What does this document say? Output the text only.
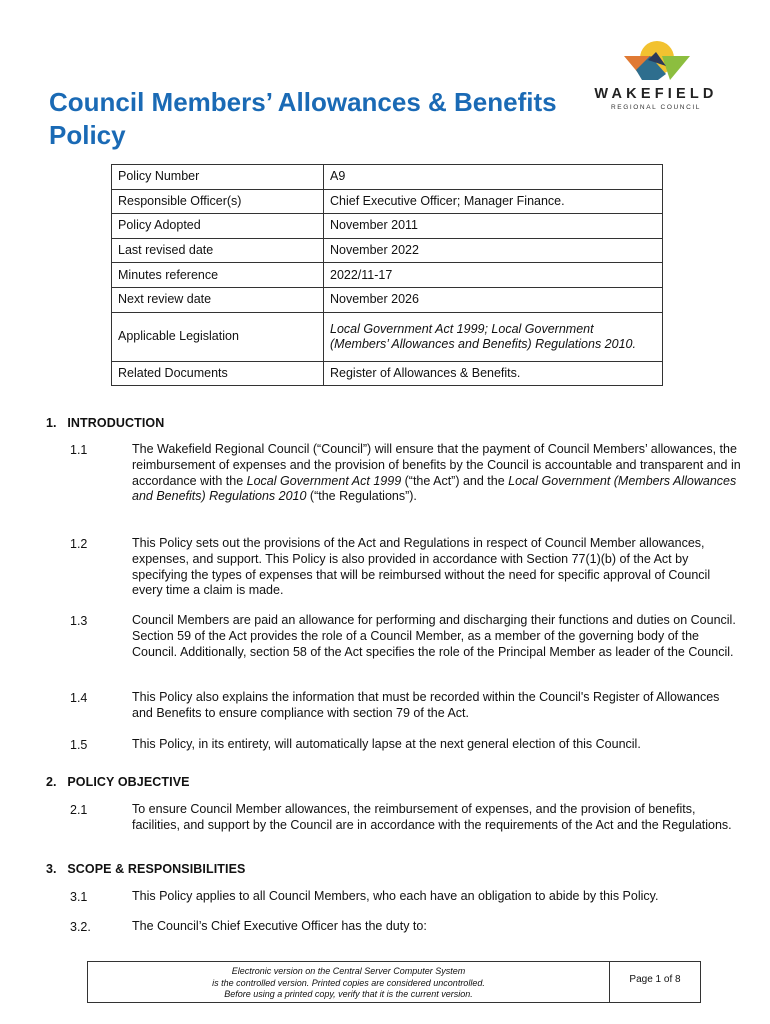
WAKEFIELD
REGIONAL COUNCIL
Council Members’ Allowances & Benefits Policy
Policy Number	A9
Responsible Officer(s)	Chief Executive Officer; Manager Finance.
Policy Adopted	November 2011
Last revised date	November 2022
Minutes reference	2022/11-17
Next review date	November 2026
Applicable Legislation	Local Government Act 1999; Local Government (Members’ Allowances and Benefits) Regulations 2010.
Related Documents	Register of Allowances & Benefits.
1.   INTRODUCTION
1.1	The Wakefield Regional Council (“Council”) will ensure that the payment of Council Members’ allowances, the reimbursement of expenses and the provision of benefits by the Council is accountable and transparent and in accordance with the Local Government Act 1999 (“the Act”) and the Local Government (Members Allowances and Benefits) Regulations 2010 (“the Regulations”).
1.2	This Policy sets out the provisions of the Act and Regulations in respect of Council Member allowances, expenses, and support. This Policy is also provided in accordance with Section 77(1)(b) of the Act by specifying the types of expenses that will be reimbursed without the need for specific approval of Council every time a claim is made.
1.3	Council Members are paid an allowance for performing and discharging their functions and duties on Council. Section 59 of the Act provides the role of a Council Member, as a member of the governing body of the Council. Additionally, section 58 of the Act specifies the role of the Principal Member as leader of the Council.
1.4	This Policy also explains the information that must be recorded within the Council's Register of Allowances and Benefits to ensure compliance with section 79 of the Act.
1.5	This Policy, in its entirety, will automatically lapse at the next general election of this Council.
2.   POLICY OBJECTIVE
2.1	To ensure Council Member allowances, the reimbursement of expenses, and the provision of benefits, facilities, and support by the Council are in accordance with the requirements of the Act and the Regulations.
3.   SCOPE & RESPONSIBILITIES
3.1	This Policy applies to all Council Members, who each have an obligation to abide by this Policy.
3.2.	The Council’s Chief Executive Officer has the duty to:
Electronic version on the Central Server Computer System
is the controlled version. Printed copies are considered uncontrolled.
Before using a printed copy, verify that it is the current version.
Page 1 of 8
